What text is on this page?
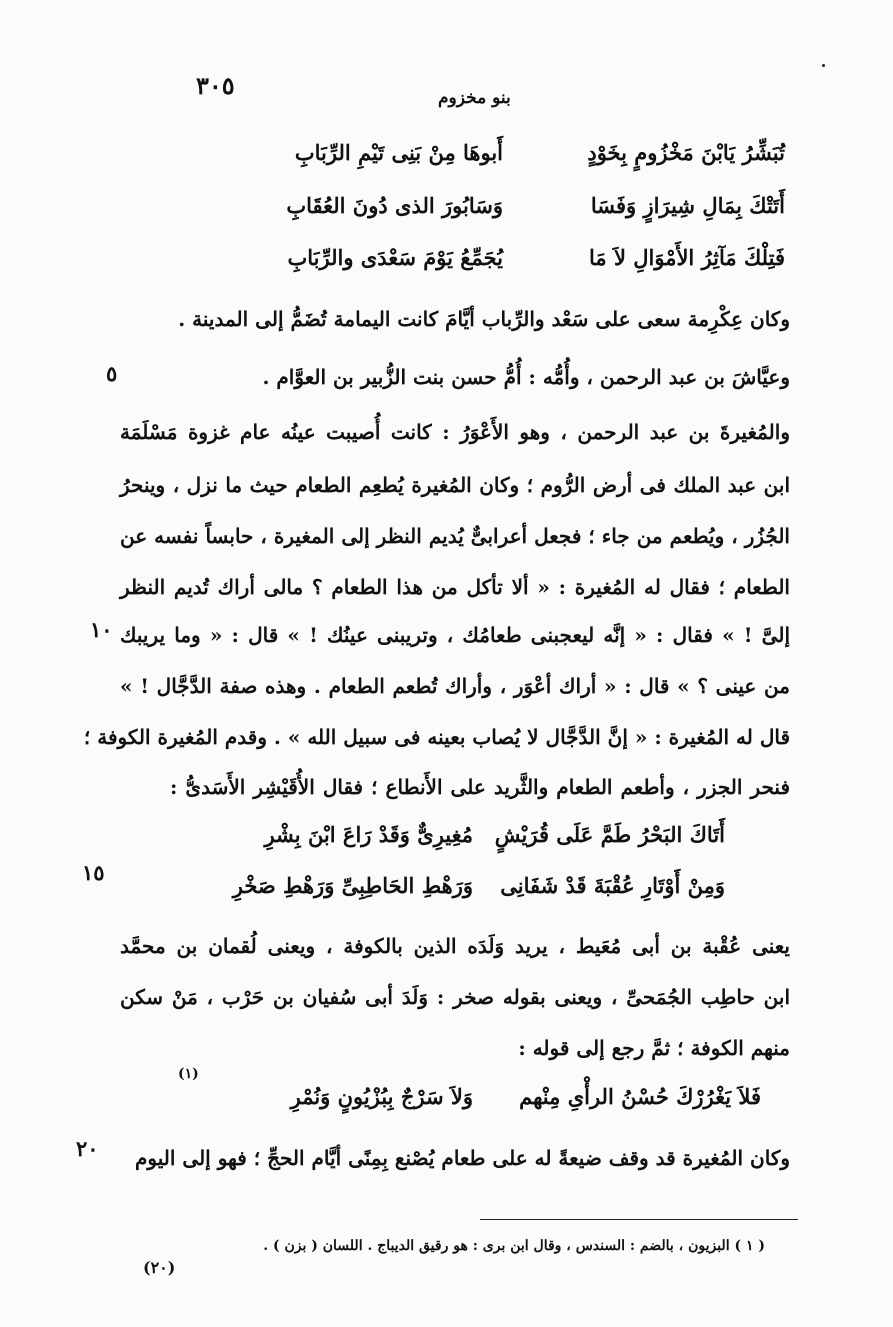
٣٠٥	بنو مخزوم
تُبَشِّرُ يَابْنَ مَخْزُومٍ بِخَوْدٍ
أَبوهَا مِنْ بَنِى تَيْمِ الرِّبَابِ
أَتَتْكَ بِمَالِ شِيرَازٍ وَفَسَا
وَسَابُورَ الذى دُونَ العُقَابِ
فَتِلْكَ مَآثِرُ الأَمْوَالِ لاَ مَا
يُجَمِّعُ يَوْمَ سَعْدَى والرِّبَابِ
وكان عِكْرِمة سعى على سَعْد والرِّباب أيَّامَ كانت اليمامة تُضَمُّ إلى المدينة .
وعيَّاشَ بن عبد الرحمن ، وأُمُّه : أُمُّ حسن بنت الزُّبير بن العوَّام .
٥
والمُغيرةَ بن عبد الرحمن ، وهو الأَعْوَرُ : كانت أُصيبت عينُه عام غزوة مَسْلَمَة
ابن عبد الملك فى أرض الرُّوم ؛ وكان المُغيرة يُطعِم الطعام حيث ما نزل ، وينحرُ
الجُزُر ، ويُطعم من جاء ؛ فجعل أعرابىٌّ يُديم النظر إلى المغيرة ، حابساً نفسه عن
الطعام ؛ فقال له المُغيرة : « ألا تأكل من هذا الطعام ؟ مالى أراك تُديم النظر
إلىَّ ! » فقال : « إنَّه ليعجبنى طعامُك ، وتريبنى عينُك ! » قال : « وما يريبك
١٠
من عينى ؟ » قال : « أراك أعْوَر ، وأراك تُطعم الطعام . وهذه صفة الدَّجَّال ! »
قال له المُغيرة : « إنَّ الدَّجَّال لا يُصاب بعينه فى سبيل الله » . وقدم المُغيرة الكوفة ؛
فنحر الجزر ، وأطعم الطعام والثَّريد على الأَنطاع ؛ فقال الأُقَيْشِر الأَسَدىُّ :
أَتَاكَ البَحْرُ طَمَّ عَلَى قُرَيْشٍ
مُغِيرِىٌّ وَقَدْ رَاعَ ابْنَ بِشْرِ
وَمِنْ أَوْتَارِ عُقْبَةَ قَدْ شَفَانِى
وَرَهْطِ الحَاطِبِىِّ وَرَهْطِ صَخْرِ
١٥
يعنى عُقْبة بن أبى مُعَيط ، يريد وَلَدَه الذين بالكوفة ، ويعنى لُقمان بن محمَّد
ابن حاطِب الجُمَحىِّ ، ويعنى بقوله صخر : وَلَدَ أبى سُفيان بن حَرْب ، مَنْ سكن
منهم الكوفة ؛ ثمَّ رجع إلى قوله :
فَلاَ يَغْرُرْكَ حُسْنُ الرأْىِ مِنْهم
وَلاَ سَرْجٌ بِبُزْيُونٍ وَنُمْرِ
(١)
وكان المُغيرة قد وقف ضيعةً له على طعام يُصْنع بِمِنًى أيَّام الحجِّ ؛ فهو إلى اليوم
٢٠
( ١ ) البزيون ، بالضم : السندس ، وقال ابن برى : هو رقيق الديباج . اللسان ( بزن ) .
(٢٠)
